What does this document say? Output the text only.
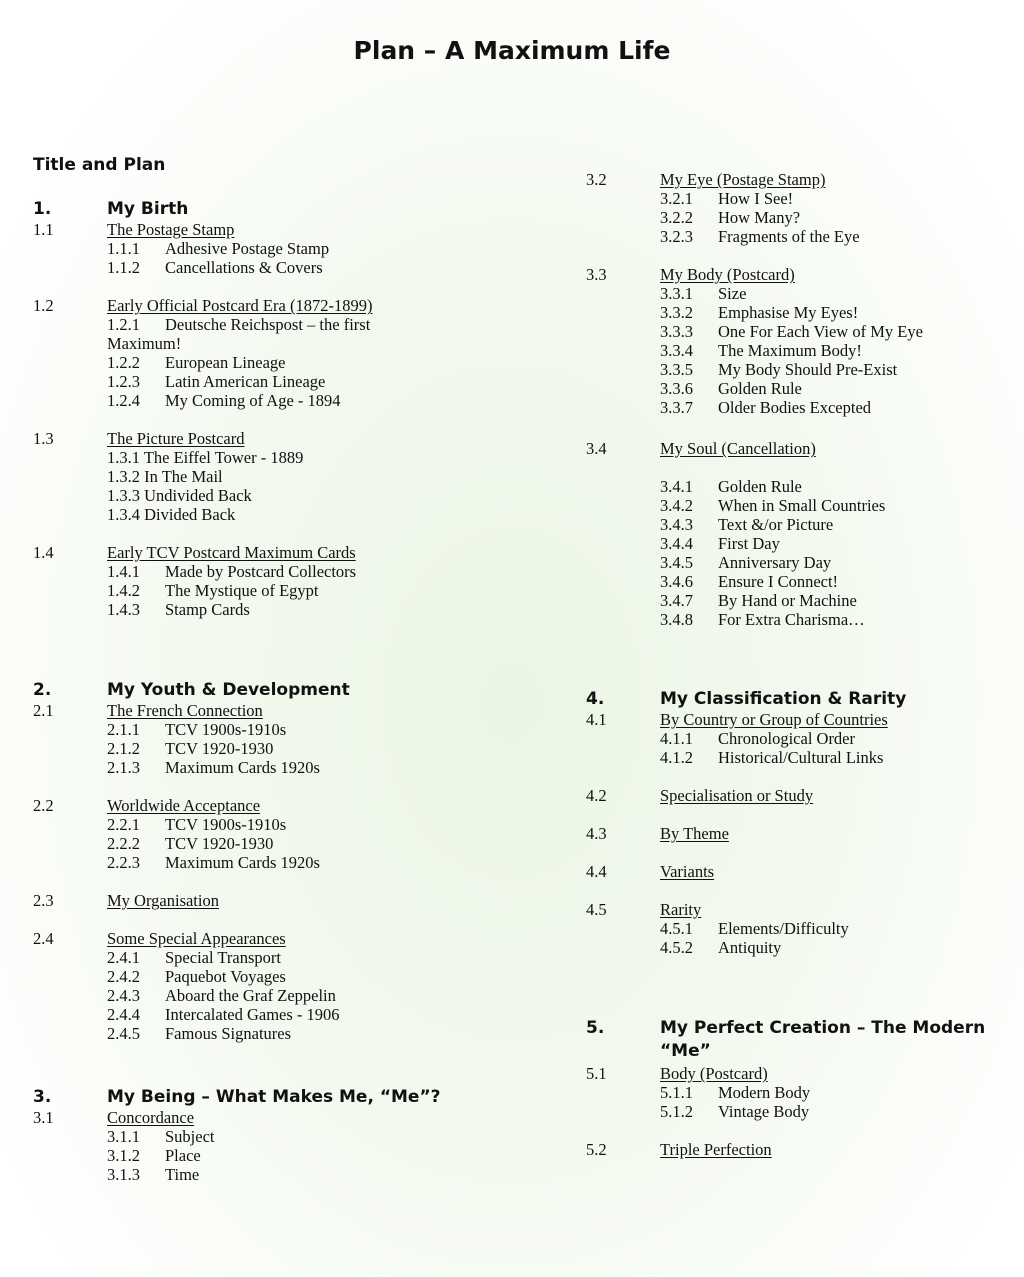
Plan – A Maximum Life
Title and Plan
1.	My Birth
1.1	The Postage Stamp
1.1.1 Adhesive Postage Stamp
1.1.2 Cancellations & Covers
1.2	Early Official Postcard Era (1872-1899)
1.2.1 Deutsche Reichspost – the first
Maximum!
1.2.2 European Lineage
1.2.3 Latin American Lineage
1.2.4 My Coming of Age - 1894
1.3	The Picture Postcard
1.3.1 The Eiffel Tower - 1889
1.3.2 In The Mail
1.3.3 Undivided Back
1.3.4 Divided Back
1.4	Early TCV Postcard Maximum Cards
1.4.1 Made by Postcard Collectors
1.4.2 The Mystique of Egypt
1.4.3 Stamp Cards
2.	My Youth & Development
2.1	The French Connection
2.1.1 TCV 1900s-1910s
2.1.2 TCV 1920-1930
2.1.3 Maximum Cards 1920s
2.2	Worldwide Acceptance
2.2.1 TCV 1900s-1910s
2.2.2 TCV 1920-1930
2.2.3 Maximum Cards 1920s
2.3	My Organisation
2.4	Some Special Appearances
2.4.1 Special Transport
2.4.2 Paquebot Voyages
2.4.3 Aboard the Graf Zeppelin
2.4.4 Intercalated Games - 1906
2.4.5 Famous Signatures
3.	My Being – What Makes Me, “Me”?
3.1	Concordance
3.1.1 Subject
3.1.2 Place
3.1.3 Time
3.2	My Eye (Postage Stamp)
3.2.1 How I See!
3.2.2 How Many?
3.2.3 Fragments of the Eye
3.3	My Body (Postcard)
3.3.1 Size
3.3.2 Emphasise My Eyes!
3.3.3 One For Each View of My Eye
3.3.4 The Maximum Body!
3.3.5 My Body Should Pre-Exist
3.3.6 Golden Rule
3.3.7 Older Bodies Excepted
3.4	My Soul (Cancellation)
3.4.1 Golden Rule
3.4.2 When in Small Countries
3.4.3 Text &/or Picture
3.4.4 First Day
3.4.5 Anniversary Day
3.4.6 Ensure I Connect!
3.4.7 By Hand or Machine
3.4.8 For Extra Charisma…
4.	My Classification & Rarity
4.1	By Country or Group of Countries
4.1.1 Chronological Order
4.1.2 Historical/Cultural Links
4.2	Specialisation or Study
4.3	By Theme
4.4	Variants
4.5	Rarity
4.5.1 Elements/Difficulty
4.5.2 Antiquity
5.	My Perfect Creation – The Modern
“Me”
5.1	Body (Postcard)
5.1.1 Modern Body
5.1.2 Vintage Body
5.2	Triple Perfection
